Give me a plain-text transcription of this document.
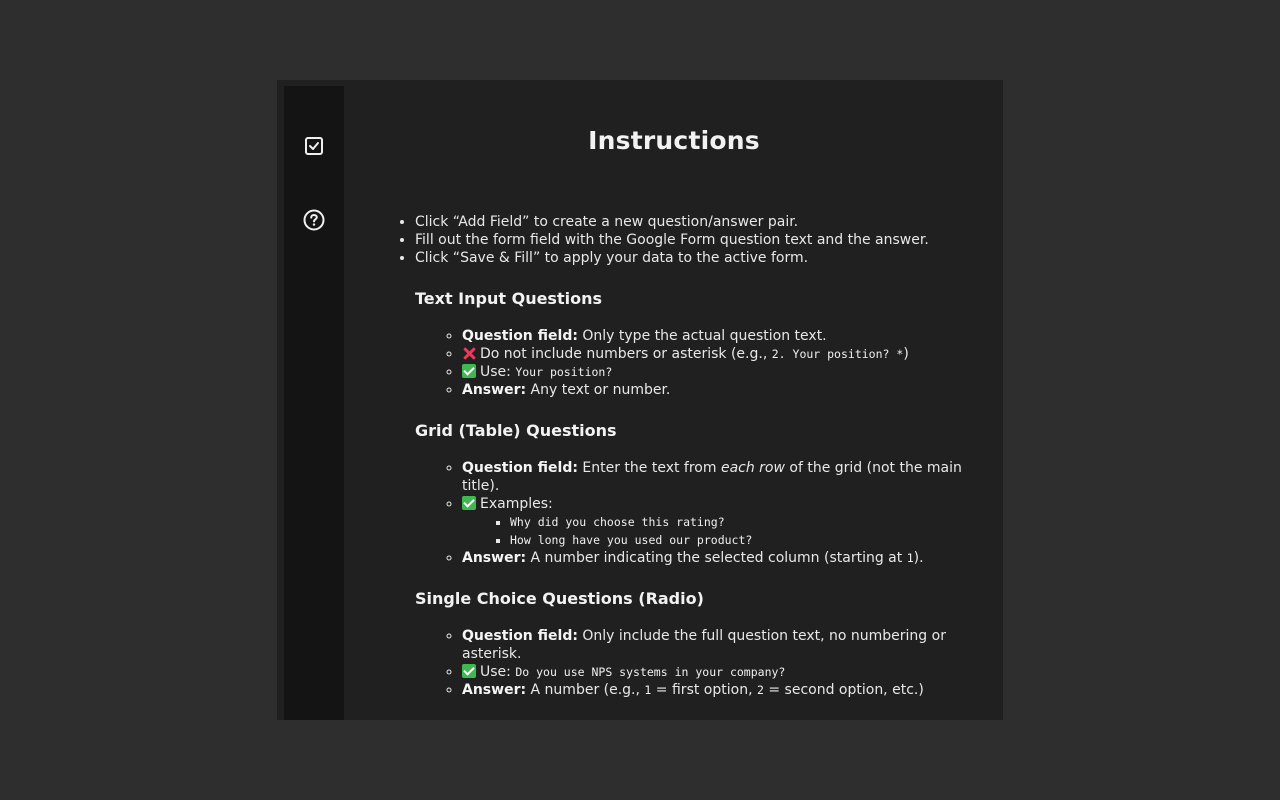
Instructions
• Click “Add Field” to create a new question/answer pair.
• Fill out the form field with the Google Form question text and the answer.
• Click “Save & Fill” to apply your data to the active form.
Text Input Questions
◦ Question field: Only type the actual question text.
◦ Do not include numbers or asterisk (e.g., 2. Your position? *)
◦ Use: Your position?
◦ Answer: Any text or number.
Grid (Table) Questions
◦ Question field: Enter the text from each row of the grid (not the main title).
◦ Examples:
▪ Why did you choose this rating?
▪ How long have you used our product?
◦ Answer: A number indicating the selected column (starting at 1).
Single Choice Questions (Radio)
◦ Question field: Only include the full question text, no numbering or asterisk.
◦ Use: Do you use NPS systems in your company?
◦ Answer: A number (e.g., 1 = first option, 2 = second option, etc.)
